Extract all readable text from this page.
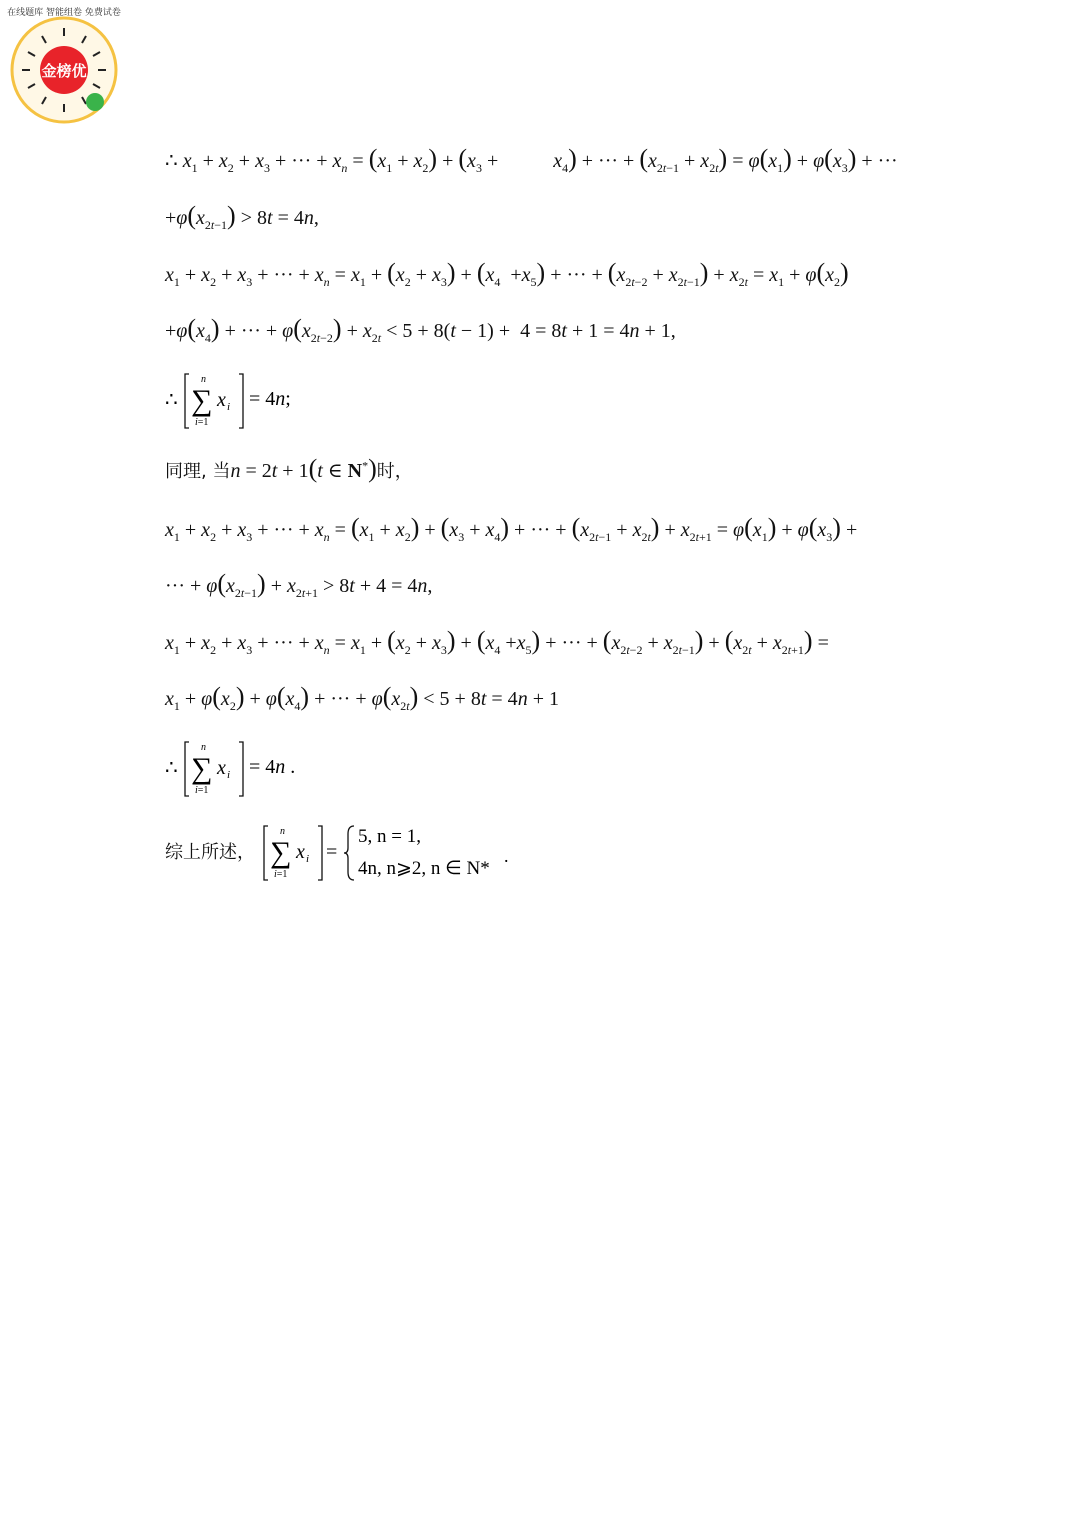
金榜优
在线题库 智能组卷 免费试卷
∴ $x_1 + x_2 + x_3$ + ··· + $x_n = (x_1 + x_2) + (x_3$ +           $x_4$) + ··· + $(x_{2t-1} + x_{2t}) = \varphi(x_1) + \varphi(x_3)$ + ···
$+\varphi(x_{2t-1}) > 8t = 4n$,
$x_1 + x_2 + x_3$ + ··· + $x_n = x_1 + (x_2 + x_3) + (x_4 +x_5)$ + ··· + $(x_{2t-2} + x_{2t-1}) + x_{2t} = x_1 + \varphi(x_2)$
$+\varphi(x_4)$ + ··· + $\varphi(x_{2t-2}) + x_{2t} < 5 + 8(t - 1) + 4 = 8t + 1 = 4n + 1$,
∴
n
∑
i=1
x i = 4n;
同理, 当n = 2t + 1(t ∈ N*)时，
$x_1 + x_2 + x_3$ + ··· + $x_n = (x_1 + x_2) + (x_3 + x_4)$ + ··· + $(x_{2t-1} + x_{2t}) + x_{2t+1} = \varphi(x_1) + \varphi(x_3)$ +
··· + $\varphi(x_{2t-1}) + x_{2t+1} > 8t + 4 = 4n$,
$x_1 + x_2 + x_3$ + ··· + $x_n = x_1 + (x_2 + x_3) + (x_4 +x_5)$ + ··· + $(x_{2t-2} + x_{2t-1}) + (x_{2t} + x_{2t+1})$ =
$x_1 + \varphi(x_2) + \varphi(x_4)$ + ··· + $\varphi(x_{2t}) < 5 + 8t = 4n + 1$
∴
n
∑
i=1
x i = 4n .
综上所述，
n
∑
i=1
x i =
5, n = 1,
4n, n⩾2, n ∈ N*
.
